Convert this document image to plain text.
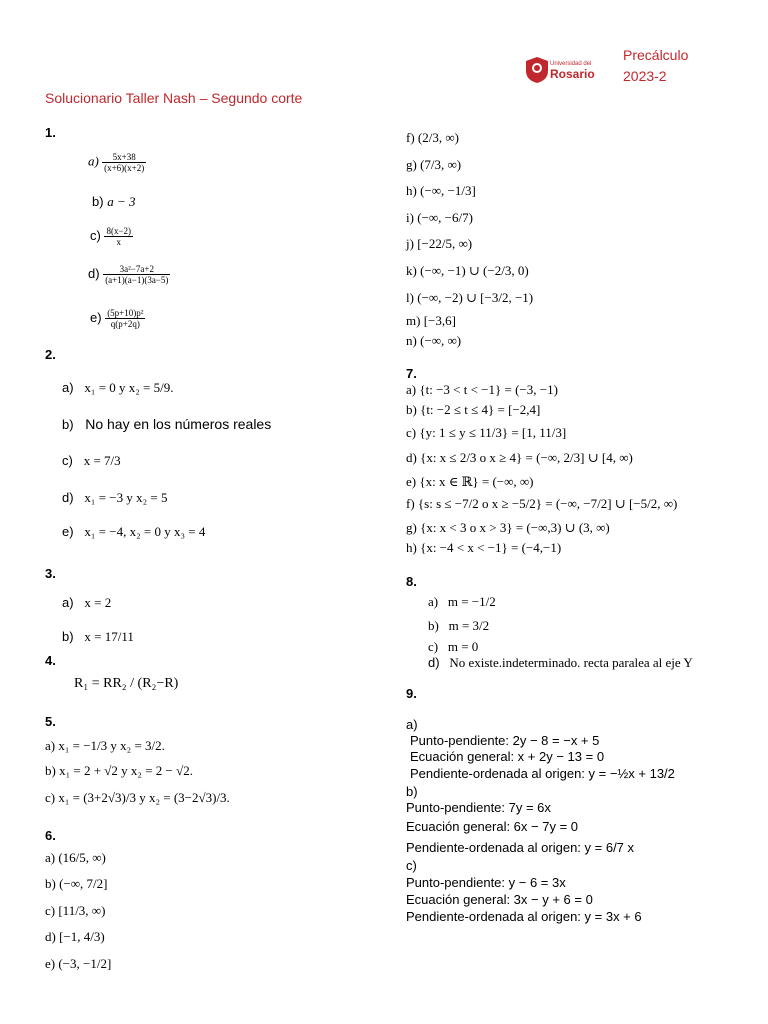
Universidad del
Rosario
Precálculo
2023-2
Solucionario Taller Nash – Segundo corte
1.
$a) \frac{5x+38}{(x+6)(x+2)}$
b) a − 3
$c) \frac{8(x-2)}{x}$
$d) \frac{\text{3a²−7a+2}}{(a+1)(a-1)(3a-5)}$
$e) \frac{\text{(5p+10)p²}}{q(p+2q)}$
2.
a) x₁ = 0 y x₂ = 5/9.
b) No hay en los números reales
c) x = 7/3
d) x₁ = −3 y x₂ = 5
e) x₁ = −4, x₂ = 0 y x₃ = 4
3.
a) x = 2
b) x = 17/11
4.
R₁ = RR₂ / (R₂−R)
5.
a) x₁ = −1/3 y x₂ = 3/2.
b) x₁ = 2 + √2 y x₂ = 2 − √2.
c) x₁ = (3+2√3)/3 y x₂ = (3−2√3)/3.
6.
a) (16/5, ∞)
b) (−∞, 7/2]
c) [11/3, ∞)
d) [−1, 4/3)
e) (−3, −1/2]
f) (2/3, ∞)
g) (7/3, ∞)
h) (−∞, −1/3]
i) (−∞, −6/7)
j) [−22/5, ∞)
k) (−∞, −1) ∪ (−2/3, 0)
l) (−∞, −2) ∪ [−3/2, −1)
m) [−3,6]
n) (−∞, ∞)
7.
a) {t: −3 < t < −1} = (−3, −1)
b) {t: −2 ≤ t ≤ 4} = [−2,4]
c) {y: 1 ≤ y ≤ 11/3} = [1, 11/3]
d) {x: x ≤ 2/3 o x ≥ 4} = (−∞, 2/3] ∪ [4, ∞)
e) {x: x ∈ ℝ} = (−∞, ∞)
f) {s: s ≤ −7/2 o x ≥ −5/2} = (−∞, −7/2] ∪ [−5/2, ∞)
g) {x: x < 3 o x > 3} = (−∞,3) ∪ (3, ∞)
h) {x: −4 < x < −1} = (−4,−1)
8.
a) m = −1/2
b) m = 3/2
c) m = 0
d) No existe.indeterminado. recta paralea al eje Y
9.
a)
Punto-pendiente: 2y − 8 = −x + 5
Ecuación general: x + 2y − 13 = 0
Pendiente-ordenada al origen: y = −½x + 13/2
b)
Punto-pendiente: 7y = 6x
Ecuación general: 6x − 7y = 0
Pendiente-ordenada al origen: y = 6/7 x
c)
Punto-pendiente: y − 6 = 3x
Ecuación general: 3x − y + 6 = 0
Pendiente-ordenada al origen: y = 3x + 6
